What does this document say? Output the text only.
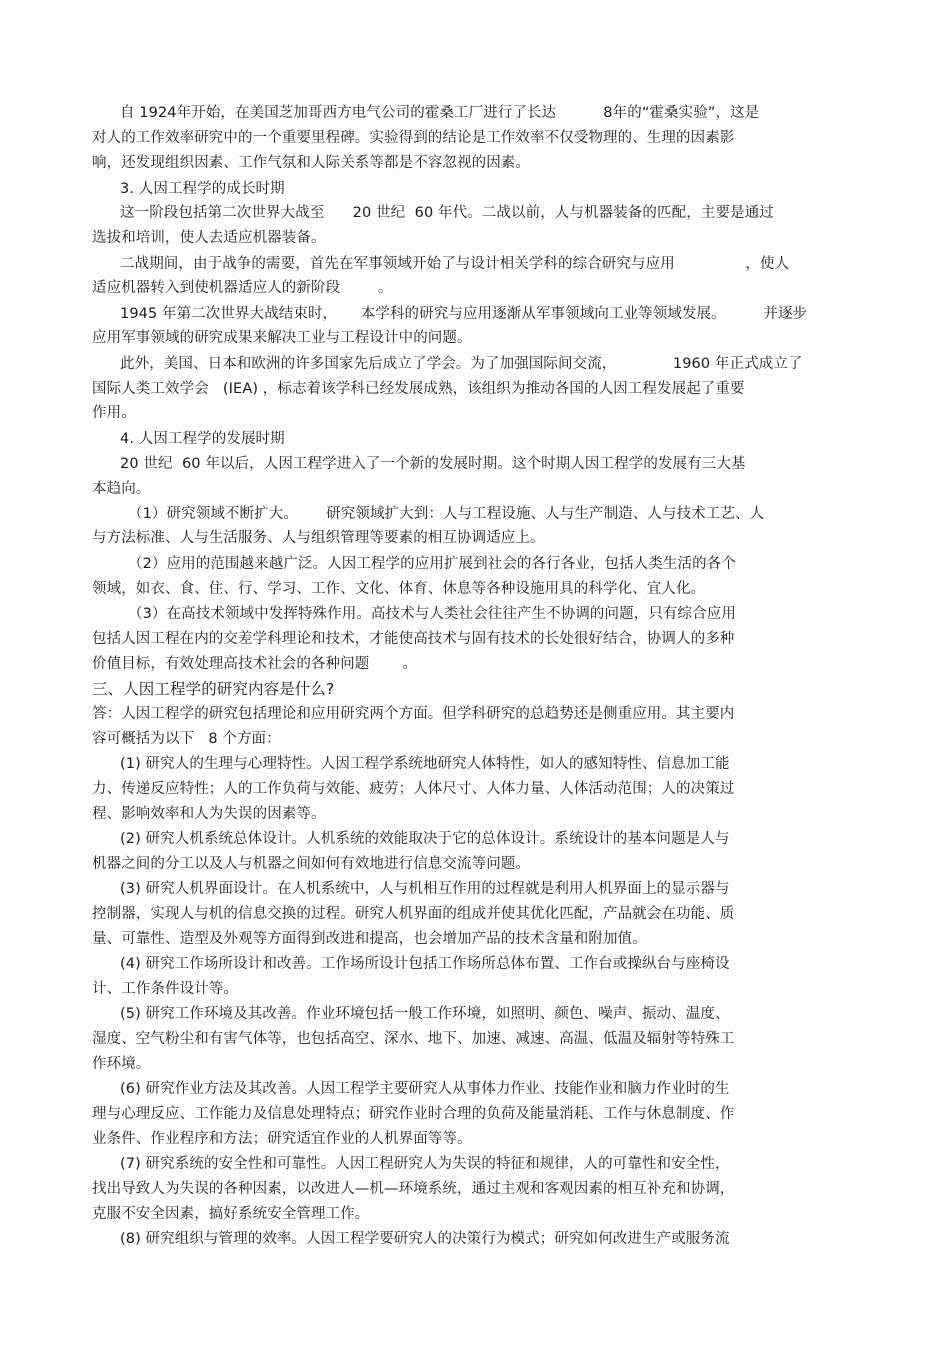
自 1924年开始，在美国芝加哥西方电气公司的霍桑工厂进行了长达          8年的“霍桑实验”，这是
对人的工作效率研究中的一个重要里程碑。实验得到的结论是工作效率不仅受物理的、生理的因素影
响，还发现组织因素、工作气氛和人际关系等都是不容忽视的因素。
3. 人因工程学的成长时期
这一阶段包括第二次世界大战至      20 世纪  60 年代。二战以前，人与机器装备的匹配，主要是通过
选拔和培训，使人去适应机器装备。
二战期间，由于战争的需要，首先在军事领域开始了与设计相关学科的综合研究与应用               ，使人
适应机器转入到使机器适应人的新阶段        。
1945 年第二次世界大战结束时，     本学科的研究与应用逐渐从军事领域向工业等领域发展。        并逐步
应用军事领域的研究成果来解决工业与工程设计中的问题。
此外，美国、日本和欧洲的许多国家先后成立了学会。为了加强国际间交流，            1960 年正式成立了
国际人类工效学会   (IEA) ，标志着该学科已经发展成熟，该组织为推动各国的人因工程发展起了重要
作用。
4. 人因工程学的发展时期
20 世纪  60 年以后，人因工程学进入了一个新的发展时期。这个时期人因工程学的发展有三大基
本趋向。
（1）研究领域不断扩大。      研究领域扩大到：人与工程设施、人与生产制造、人与技术工艺、人
与方法标准、人与生活服务、人与组织管理等要素的相互协调适应上。
（2）应用的范围越来越广泛。人因工程学的应用扩展到社会的各行各业，包括人类生活的各个
领域，如衣、食、住、行、学习、工作、文化、体育、休息等各种设施用具的科学化、宜人化。
（3）在高技术领域中发挥特殊作用。高技术与人类社会往往产生不协调的问题，只有综合应用
包括人因工程在内的交差学科理论和技术，才能使高技术与固有技术的长处很好结合，协调人的多种
价值目标，有效处理高技术社会的各种问题       。
三、人因工程学的研究内容是什么?
答：人因工程学的研究包括理论和应用研究两个方面。但学科研究的总趋势还是侧重应用。其主要内
容可概括为以下   8 个方面：
(1) 研究人的生理与心理特性。人因工程学系统地研究人体特性，如人的感知特性、信息加工能
力、传递反应特性；人的工作负荷与效能、疲劳；人体尺寸、人体力量、人体活动范围；人的决策过
程、影响效率和人为失误的因素等。
(2) 研究人机系统总体设计。人机系统的效能取决于它的总体设计。系统设计的基本问题是人与
机器之间的分工以及人与机器之间如何有效地进行信息交流等问题。
(3) 研究人机界面设计。在人机系统中，人与机相互作用的过程就是利用人机界面上的显示器与
控制器，实现人与机的信息交换的过程。研究人机界面的组成并使其优化匹配，产品就会在功能、质
量、可靠性、造型及外观等方面得到改进和提高，也会增加产品的技术含量和附加值。
(4) 研究工作场所设计和改善。工作场所设计包括工作场所总体布置、工作台或操纵台与座椅设
计、工作条件设计等。
(5) 研究工作环境及其改善。作业环境包括一般工作环境，如照明、颜色、噪声、振动、温度、
湿度、空气粉尘和有害气体等，也包括高空、深水、地下、加速、减速、高温、低温及辐射等特殊工
作环境。
(6) 研究作业方法及其改善。人因工程学主要研究人从事体力作业、技能作业和脑力作业时的生
理与心理反应、工作能力及信息处理特点；研究作业时合理的负荷及能量消耗、工作与休息制度、作
业条件、作业程序和方法；研究适宜作业的人机界面等等。
(7) 研究系统的安全性和可靠性。人因工程研究人为失误的特征和规律，人的可靠性和安全性，
找出导致人为失误的各种因素，以改进人—机—环境系统，通过主观和客观因素的相互补充和协调，
克服不安全因素，搞好系统安全管理工作。
(8) 研究组织与管理的效率。人因工程学要研究人的决策行为模式；研究如何改进生产或服务流
